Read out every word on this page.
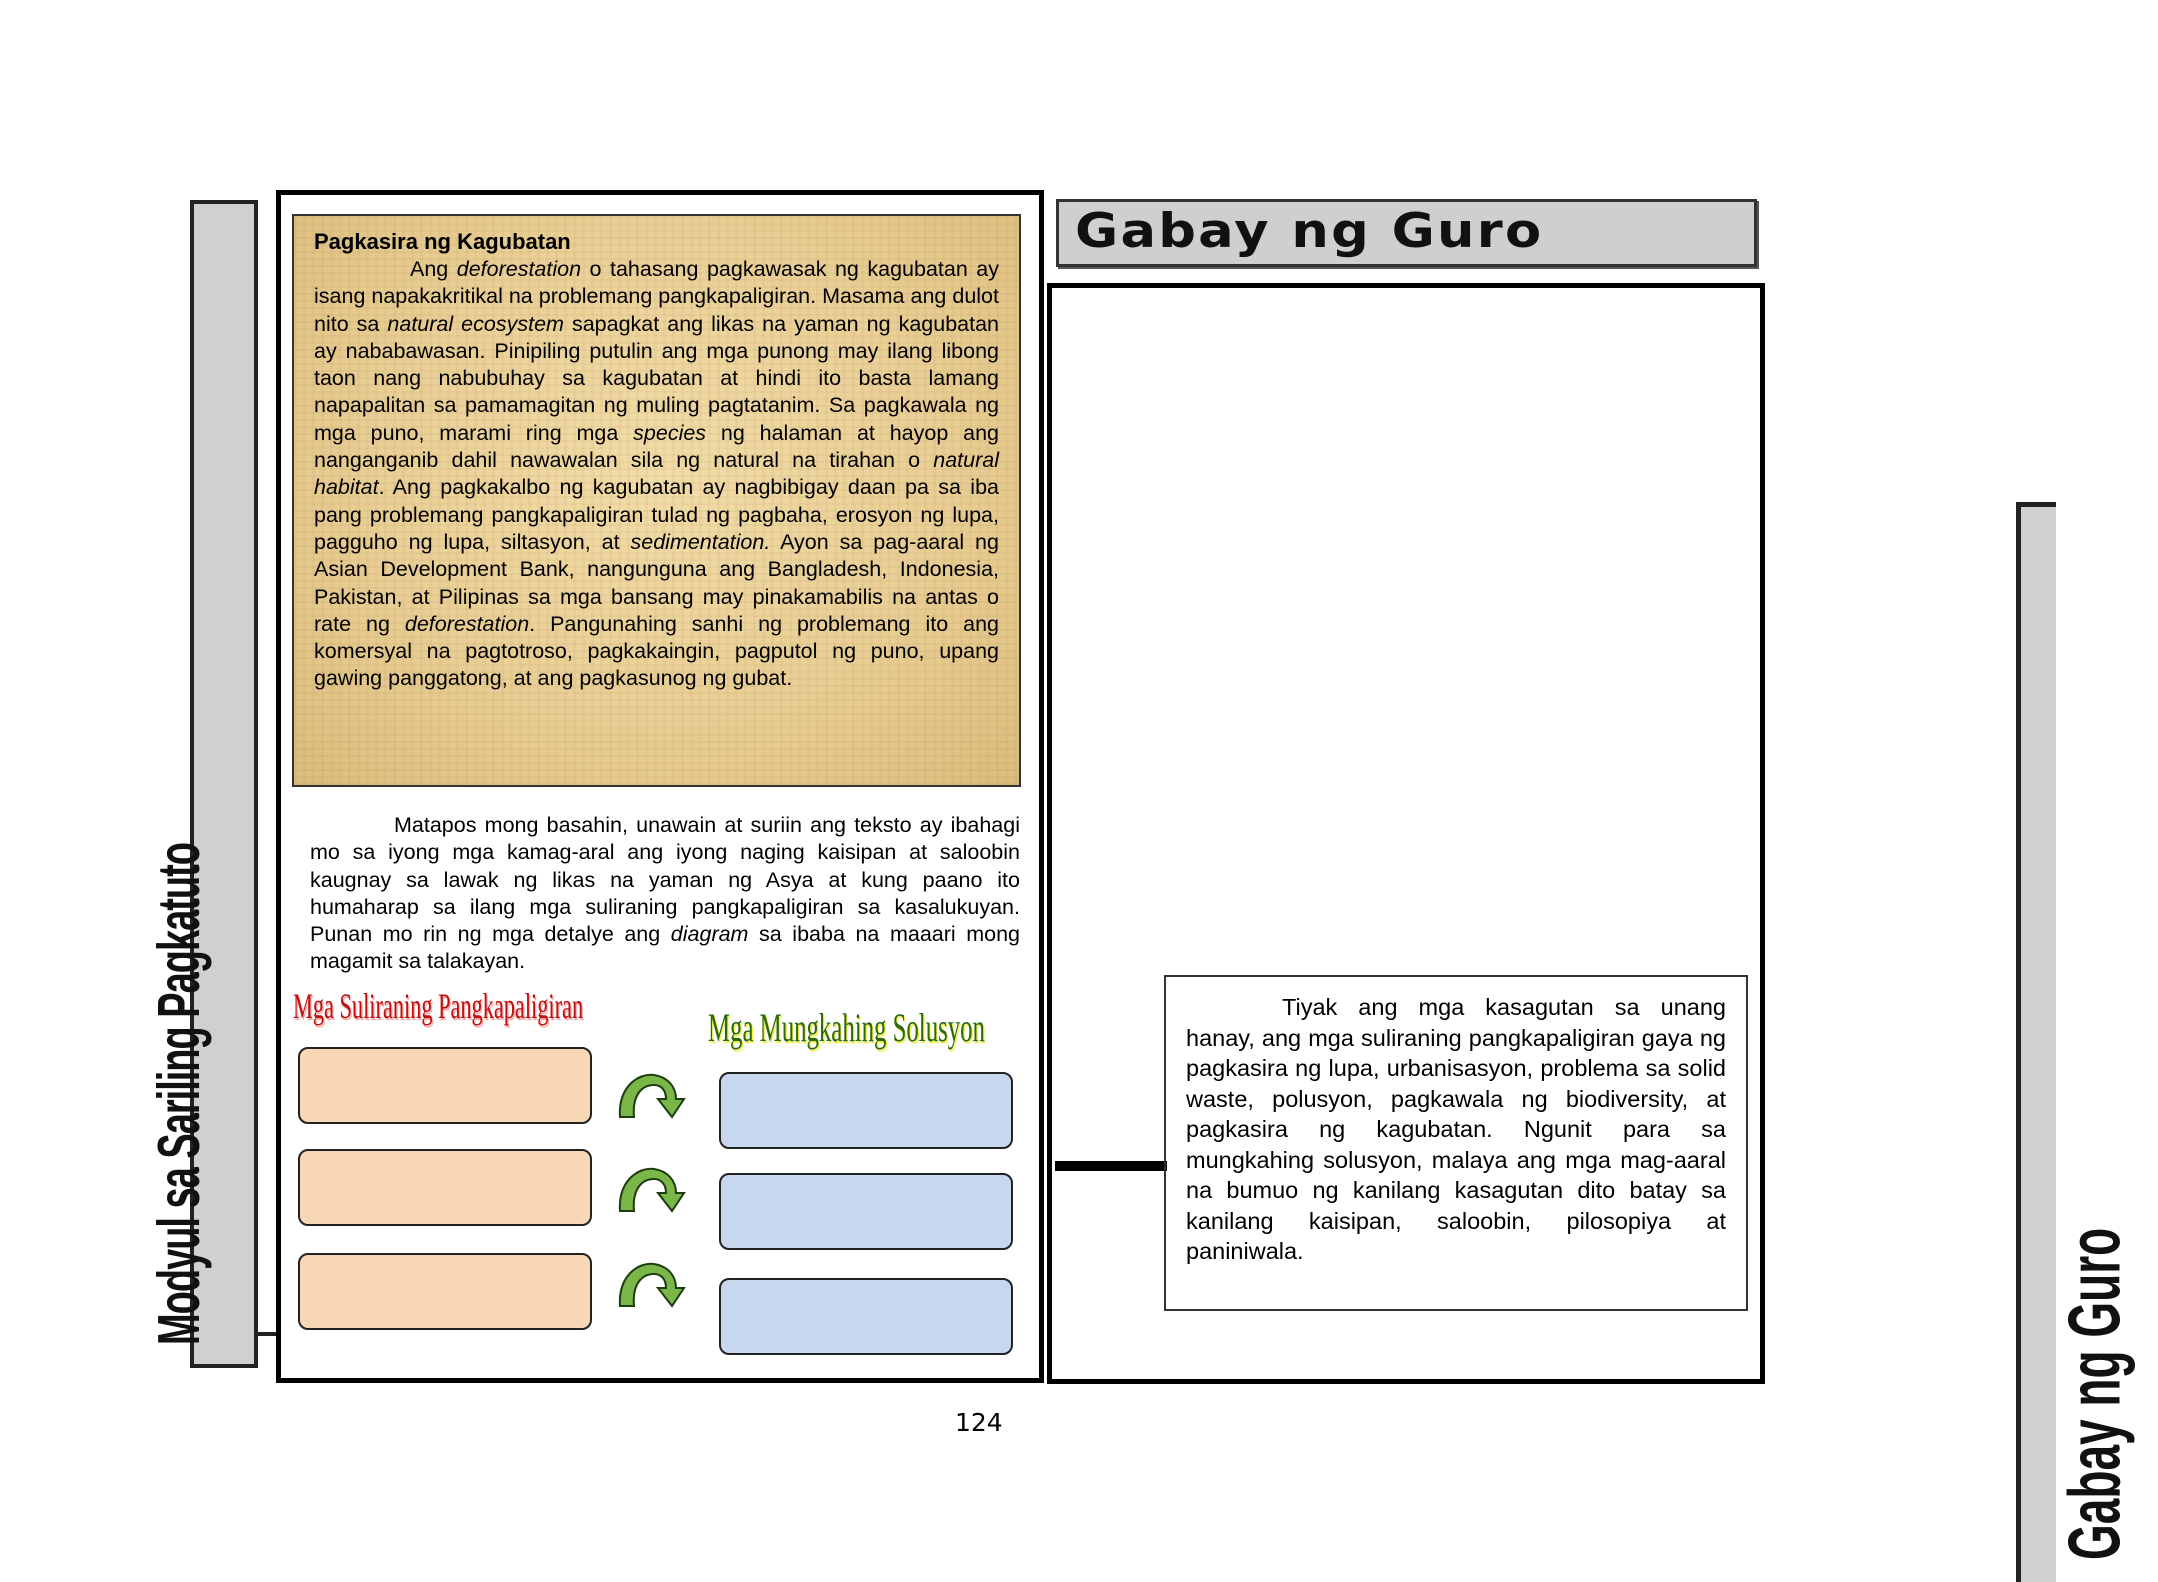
Modyul sa Sariling Pagkatuto
Pagkasira ng Kagubatan
Ang deforestation o tahasang pagkawasak ng kagubatan ay isang napakakritikal na problemang pangkapaligiran. Masama ang dulot nito sa natural ecosystem sapagkat ang likas na yaman ng kagubatan ay nababawasan. Pinipiling putulin ang mga punong may ilang libong taon nang nabubuhay sa kagubatan at hindi ito basta lamang napapalitan sa pamamagitan ng muling pagtatanim. Sa pagkawala ng mga puno, marami ring mga species ng halaman at hayop ang nanganganib dahil nawawalan sila ng natural na tirahan o natural habitat. Ang pagkakalbo ng kagubatan ay nagbibigay daan pa sa iba pang problemang pangkapaligiran tulad ng pagbaha, erosyon ng lupa, pagguho ng lupa, siltasyon, at sedimentation. Ayon sa pag-aaral ng Asian Development Bank, nangunguna ang Bangladesh, Indonesia, Pakistan, at Pilipinas sa mga bansang may pinakamabilis na antas o rate ng deforestation. Pangunahing sanhi ng problemang ito ang komersyal na pagtotroso, pagkakaingin, pagputol ng puno, upang gawing panggatong, at ang pagkasunog ng gubat.
Matapos mong basahin, unawain at suriin ang teksto ay ibahagi mo sa iyong mga kamag-aral ang iyong naging kaisipan at saloobin kaugnay sa lawak ng likas na yaman ng Asya at kung paano ito humaharap sa ilang mga suliraning pangkapaligiran sa kasalukuyan. Punan mo rin ng mga detalye ang diagram sa ibaba na maaari mong magamit sa talakayan.
Mga Suliraning Pangkapaligiran	Mga Mungkahing Solusyon
124
Gabay ng Guro
Tiyak ang mga kasagutan sa unang hanay, ang mga suliraning pangkapaligiran gaya ng pagkasira ng lupa, urbanisasyon, problema sa solid waste, polusyon, pagkawala ng biodiversity, at pagkasira ng kagubatan. Ngunit para sa mungkahing solusyon, malaya ang mga mag-aaral na bumuo ng kanilang kasagutan dito batay sa kanilang kaisipan, saloobin, pilosopiya at paniniwala.	Gabay ng Guro
